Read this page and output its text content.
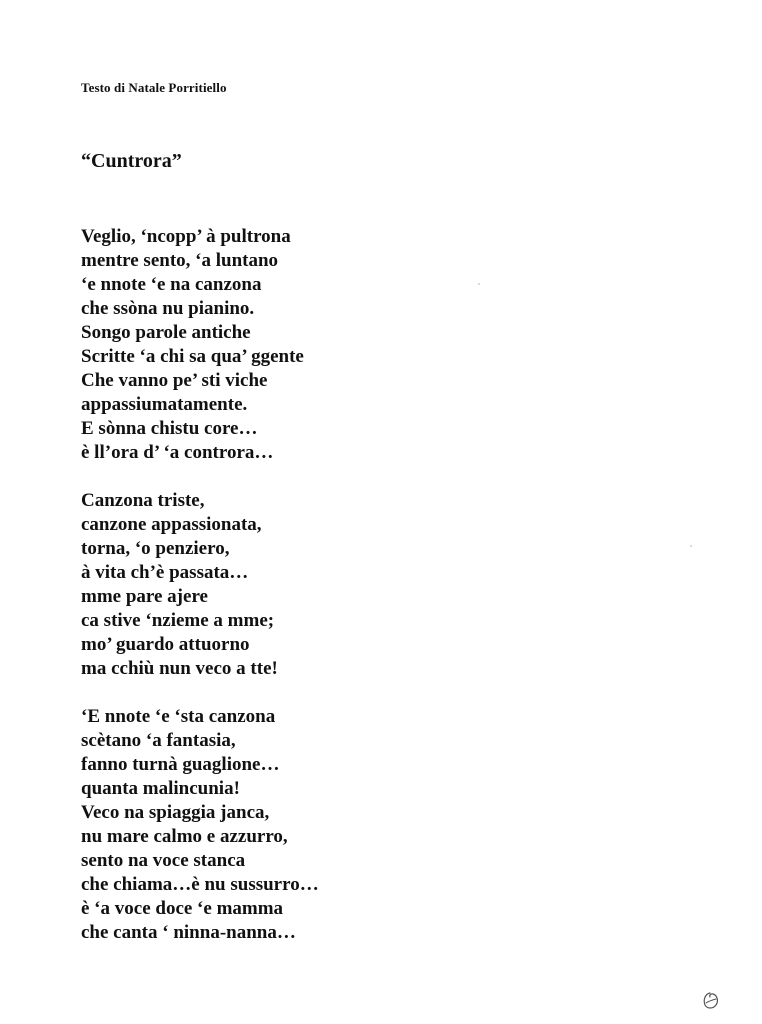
Testo di Natale Porritiello
“Cuntrora”
Veglio, ‘ncopp’ à pultrona
mentre sento, ‘a luntano
‘e nnote ‘e na canzona
che ssòna nu pianino.
Songo parole antiche
Scritte ‘a chi sa qua’ ggente
Che vanno pe’ sti viche
appassiumatamente.
E sònna chistu core…
è ll’ora d’ ‘a controra…
Canzona triste,
canzone appassionata,
torna, ‘o penziero,
à vita ch’è passata…
mme pare ajere
ca stive ‘nzieme a mme;
mo’ guardo attuorno
ma cchiù nun veco a tte!
‘E nnote ‘e ‘sta canzona
scètano ‘a fantasia,
fanno turnà guaglione…
quanta malincunia!
Veco na spiaggia janca,
nu mare calmo e azzurro,
sento na voce stanca
che chiama…è nu sussurro…
è ‘a voce doce ‘e mamma
che canta ‘ ninna-nanna…
